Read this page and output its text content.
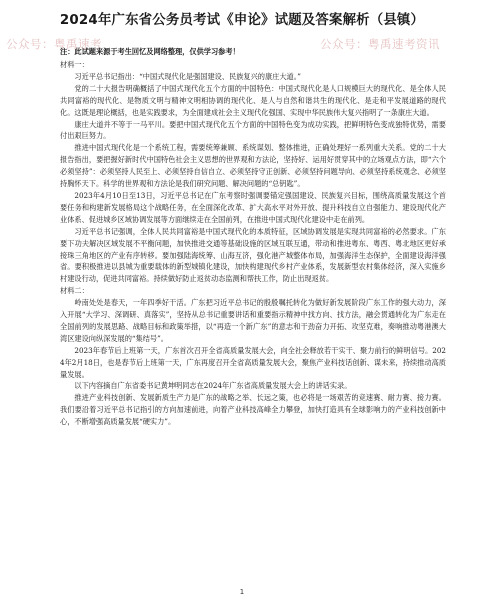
公众号：粤禹速考	公众号：粤禹速考资讯
2024年广东省公务员考试《申论》试题及答案解析（县镇）
注：此试题来源于考生回忆及网络整理，仅供学习参考！

材料一：

习近平总书记指出：“中国式现代化是强国建设、民族复兴的康庄大道。”

党的二十大报告明确概括了中国式现代化五个方面的中国特色：中国式现代化是人口规模巨大的现代化、是全体人民共同富裕的现代化、是物质文明与精神文明相协调的现代化、是人与自然和谐共生的现代化、是走和平发展道路的现代化。这既是理论概括，也是实践要求，为全面建成社会主义现代化强国、实现中华民族伟大复兴指明了一条康庄大道。

康庄大道并不等于一马平川。要把中国式现代化五个方面的中国特色变为成功实践，把鲜明特色变成独特优势，需要付出艰巨努力。

推进中国式现代化是一个系统工程，需要统筹兼顾、系统谋划、整体推进，正确处理好一系列重大关系。党的二十大报告指出，要把握好新时代中国特色社会主义思想的世界观和方法论，坚持好、运用好贯穿其中的立场观点方法，即“六个必须坚持”：必须坚持人民至上、必须坚持自信自立、必须坚持守正创新、必须坚持问题导向、必须坚持系统观念、必须坚持胸怀天下。科学的世界观和方法论是我们研究问题、解决问题的“总钥匙”。

2023年4月10日至13日，习近平总书记在广东考察时强调要锚定强国建设、民族复兴目标，围绕高质量发展这个首要任务和构建新发展格局这个战略任务，在全面深化改革、扩大高水平对外开放、提升科技自立自强能力、建设现代化产业体系、促进城乡区域协调发展等方面继续走在全国前列，在推进中国式现代化建设中走在前列。

习近平总书记强调，全体人民共同富裕是中国式现代化的本质特征，区域协调发展是实现共同富裕的必然要求。广东要下功夫解决区域发展不平衡问题，加快推进交通等基础设施的区域互联互通，带动和推进粤东、粤西、粤北地区更好承接珠三角地区的产业有序转移。要加强陆海统筹、山海互济，强化港产城整体布局，加强海洋生态保护，全面建设海洋强省。要积极推进以县城为重要载体的新型城镇化建设，加快构建现代乡村产业体系，发展新型农村集体经济，深入实施乡村建设行动，促进共同富裕。持续做好防止返贫动态监测和帮扶工作，防止出现返贫。

材料二：

岭南处处是春天，一年四季好干活。广东把习近平总书记的殷殷嘱托转化为做好新发展阶段广东工作的强大动力，深入开展“大学习、深调研、真落实”，坚持从总书记重要讲话和重要指示精神中找方向、找方法，融会贯通转化为广东走在全国前列的发展思路、战略目标和政策举措，以“再造一个新广东”的意志和干劲奋力开拓、攻坚克难，奏响推动粤港澳大湾区建设向纵深发展的“集结号”。

2023年春节后上班第一天，广东首次召开全省高质量发展大会，向全社会释放若干实干、聚力前行的鲜明信号。2024年2月18日，也是春节后上班第一天，广东再度召开全省高质量发展大会，聚焦产业科技话创新、谋未来，持续推动高质量发展。

以下内容摘自广东省委书记黄坤明同志在2024年广东省高质量发展大会上的讲话实录。

推进产业科技创新、发展新质生产力是广东的战略之举、长远之策，也必将是一场艰苦的竞速赛、耐力赛、接力赛。我们要沿着习近平总书记指引的方向加速前进，向着产业科技高峰全力攀登，加快打造具有全球影响力的产业科技创新中心，不断增强高质量发展“硬实力”。

1
